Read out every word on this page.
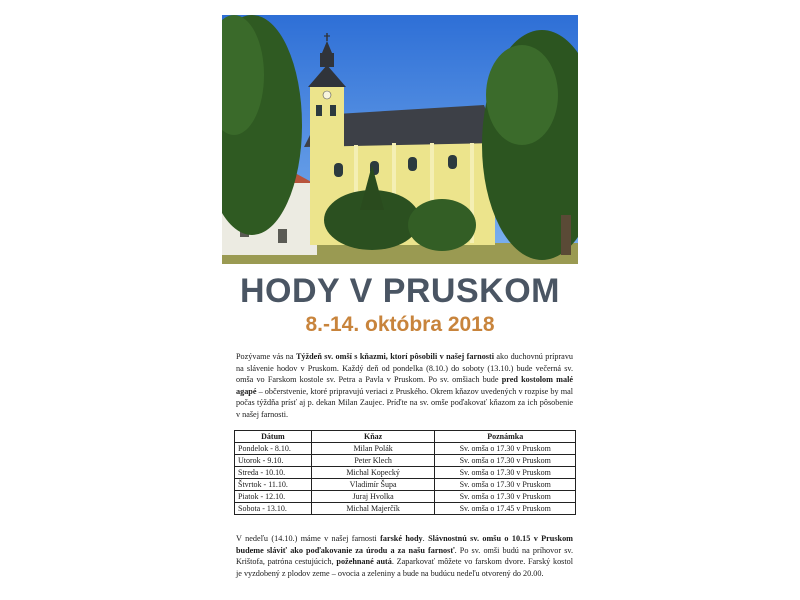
HODY V PRUSKOM
8.-14. októbra 2018
Pozývame vás na Týždeň sv. omší s kňazmi, ktorí pôsobili v našej farnosti ako duchovnú prípravu na slávenie hodov v Pruskom. Každý deň od pondelka (8.10.) do soboty (13.10.) bude večerná sv. omša vo Farskom kostole sv. Petra a Pavla v Pruskom. Po sv. omšiach bude pred kostolom malé agapé – občerstvenie, ktoré pripravujú veriaci z Pruského. Okrem kňazov uvedených v rozpise by mal počas týždňa prísť aj p. dekan Milan Zaujec. Príďte na sv. omše poďakovať kňazom za ich pôsobenie v našej farnosti.
Dátum	Kňaz	Poznámka
Pondelok - 8.10.	Milan Polák	Sv. omša o 17.30 v Pruskom
Utorok - 9.10.	Peter Klech	Sv. omša o 17.30 v Pruskom
Streda - 10.10.	Michal Kopecký	Sv. omša o 17.30 v Pruskom
Štvrtok - 11.10.	Vladimír Šupa	Sv. omša o 17.30 v Pruskom
Piatok - 12.10.	Juraj Hvolka	Sv. omša o 17.30 v Pruskom
Sobota - 13.10.	Michal Majerčík	Sv. omša o 17.45 v Pruskom
V nedeľu (14.10.) máme v našej farnosti farské hody. Slávnostnú sv. omšu o 10.15 v Pruskom budeme sláviť ako poďakovanie za úrodu a za našu farnosť. Po sv. omši budú na príhovor sv. Krištofa, patróna cestujúcich, požehnané autá. Zaparkovať môžete vo farskom dvore. Farský kostol je vyzdobený z plodov zeme – ovocia a zeleniny a bude na budúcu nedeľu otvorený do 20.00.
